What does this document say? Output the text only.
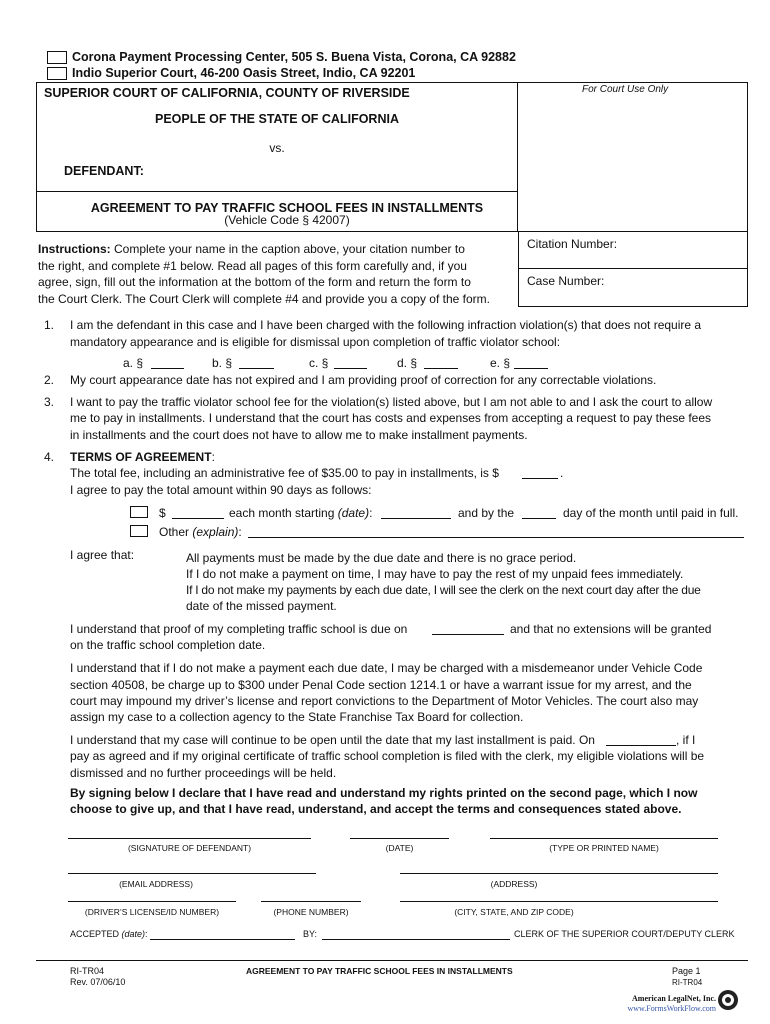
Corona Payment Processing Center, 505 S. Buena Vista, Corona, CA 92882
Indio Superior Court, 46-200 Oasis Street, Indio, CA 92201
SUPERIOR COURT OF CALIFORNIA, COUNTY OF RIVERSIDE	For Court Use Only
PEOPLE OF THE STATE OF CALIFORNIA
vs.
DEFENDANT:
AGREEMENT TO PAY TRAFFIC SCHOOL FEES IN INSTALLMENTS
(Vehicle Code § 42007)
Citation Number:
Case Number:
Instructions: Complete your name in the caption above, your citation number to
the right, and complete #1 below. Read all pages of this form carefully and, if you
agree, sign, fill out the information at the bottom of the form and return the form to
the Court Clerk. The Court Clerk will complete #4 and provide you a copy of the form.
1. I am the defendant in this case and I have been charged with the following infraction violation(s) that does not require a
mandatory appearance and is eligible for dismissal upon completion of traffic violator school:
a. §	b. §	c. §	d. §	e. §
2. My court appearance date has not expired and I am providing proof of correction for any correctable violations.
3. I want to pay the traffic violator school fee for the violation(s) listed above, but I am not able to and I ask the court to allow
me to pay in installments. I understand that the court has costs and expenses from accepting a request to pay these fees
in installments and the court does not have to allow me to make installment payments.
4. TERMS OF AGREEMENT:
The total fee, including an administrative fee of $35.00 to pay in installments, is $	.
I agree to pay the total amount within 90 days as follows:
$	each month starting (date):	and by the	day of the month until paid in full.
Other (explain):
I agree that:	All payments must be made by the due date and there is no grace period.
If I do not make a payment on time, I may have to pay the rest of my unpaid fees immediately.
If I do not make my payments by each due date, I will see the clerk on the next court day after the due
date of the missed payment.
I understand that proof of my completing traffic school is due on	and that no extensions will be granted
on the traffic school completion date.
I understand that if I do not make a payment each due date, I may be charged with a misdemeanor under Vehicle Code
section 40508, be charge up to $300 under Penal Code section 1214.1 or have a warrant issue for my arrest, and the
court may impound my driver’s license and report convictions to the Department of Motor Vehicles. The court also may
assign my case to a collection agency to the State Franchise Tax Board for collection.
I understand that my case will continue to be open until the date that my last installment is paid. On	, if I
pay as agreed and if my original certificate of traffic school completion is filed with the clerk, my eligible violations will be
dismissed and no further proceedings will be held.
By signing below I declare that I have read and understand my rights printed on the second page, which I now
choose to give up, and that I have read, understand, and accept the terms and consequences stated above.
(SIGNATURE OF DEFENDANT)	(DATE)	(TYPE OR PRINTED NAME)
(EMAIL ADDRESS)	(ADDRESS)
(DRIVER’S LICENSE/ID NUMBER)	(PHONE NUMBER)	(CITY, STATE, AND ZIP CODE)
ACCEPTED (date):	BY:	CLERK OF THE SUPERIOR COURT/DEPUTY CLERK
RI-TR04
Rev. 07/06/10
AGREEMENT TO PAY TRAFFIC SCHOOL FEES IN INSTALLMENTS	Page 1
RI-TR04
American LegalNet, Inc.
www.FormsWorkFlow.com
